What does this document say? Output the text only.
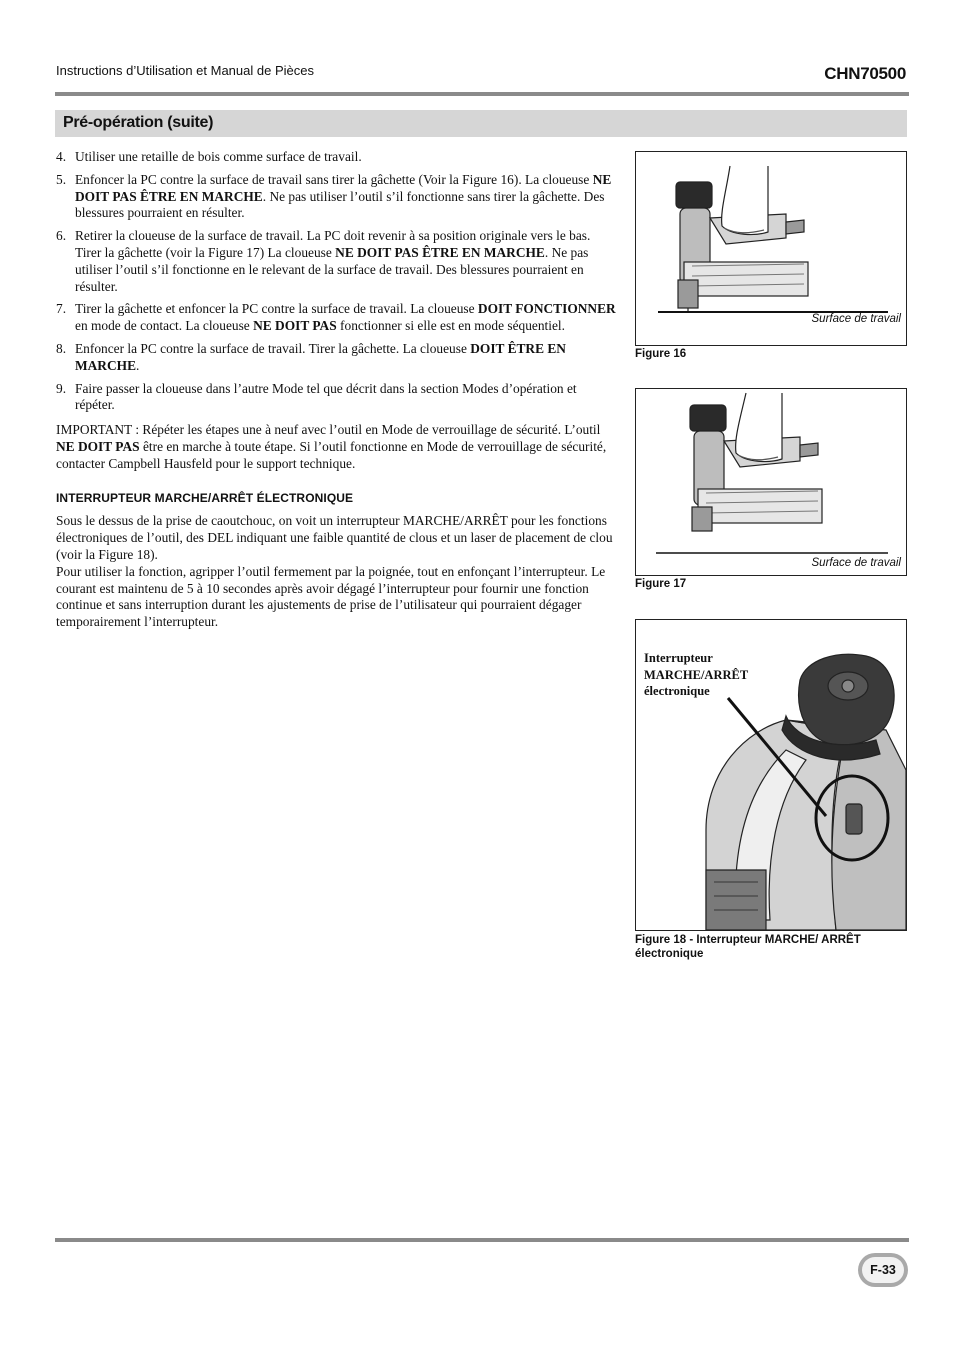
Instructions d’Utilisation et Manual de Pièces	CHN70500
Pré-opération (suite)
4. Utiliser une retaille de bois comme surface de travail.
5. Enfoncer la PC contre la surface de travail sans tirer la gâchette (Voir la Figure 16). La cloueuse NE DOIT PAS ÊTRE EN MARCHE. Ne pas utiliser l’outil s’il fonctionne sans tirer la gâchette. Des blessures pourraient en résulter.
6. Retirer la cloueuse de la surface de travail. La PC doit revenir à sa position originale vers le bas. Tirer la gâchette (voir la Figure 17) La cloueuse NE DOIT PAS ÊTRE EN MARCHE. Ne pas utiliser l’outil s’il fonctionne en le relevant de la surface de travail. Des blessures pourraient en résulter.
7. Tirer la gâchette et enfoncer la PC contre la surface de travail. La cloueuse DOIT FONCTIONNER en mode de contact. La cloueuse NE DOIT PAS fonctionner si elle est en mode séquentiel.
8. Enfoncer la PC contre la surface de travail. Tirer la gâchette. La cloueuse DOIT ÊTRE EN MARCHE.
9. Faire passer la cloueuse dans l’autre Mode tel que décrit dans la section Modes d’opération et répéter.

IMPORTANT : Répéter les étapes une à neuf avec l’outil en Mode de verrouillage de sécurité. L’outil NE DOIT PAS être en marche à toute étape. Si l’outil fonctionne en Mode de verrouillage de sécurité, contacter Campbell Hausfeld pour le support technique.

INTERRUPTEUR MARCHE/ARRÊT ÉLECTRONIQUE

Sous le dessus de la prise de caoutchouc, on voit un interrupteur MARCHE/ARRÊT pour les fonctions électroniques de l’outil, des DEL indiquant une faible quantité de clous et un laser de placement de clou (voir la Figure 18).

Pour utiliser la fonction, agripper l’outil fermement par la poignée, tout en enfonçant l’interrupteur. Le courant est maintenu de 5 à 10 secondes après avoir dégagé l’interrupteur pour fournir une fonction continue et sans interruption durant les ajustements de prise de l’utilisateur qui pourraient dégager temporairement l’interrupteur.

Surface de travail
Figure 16
Surface de travail
Figure 17
Interrupteur MARCHE/ARRÊT électronique
Figure 18 - Interrupteur MARCHE/ ARRÊT électronique
F-33
